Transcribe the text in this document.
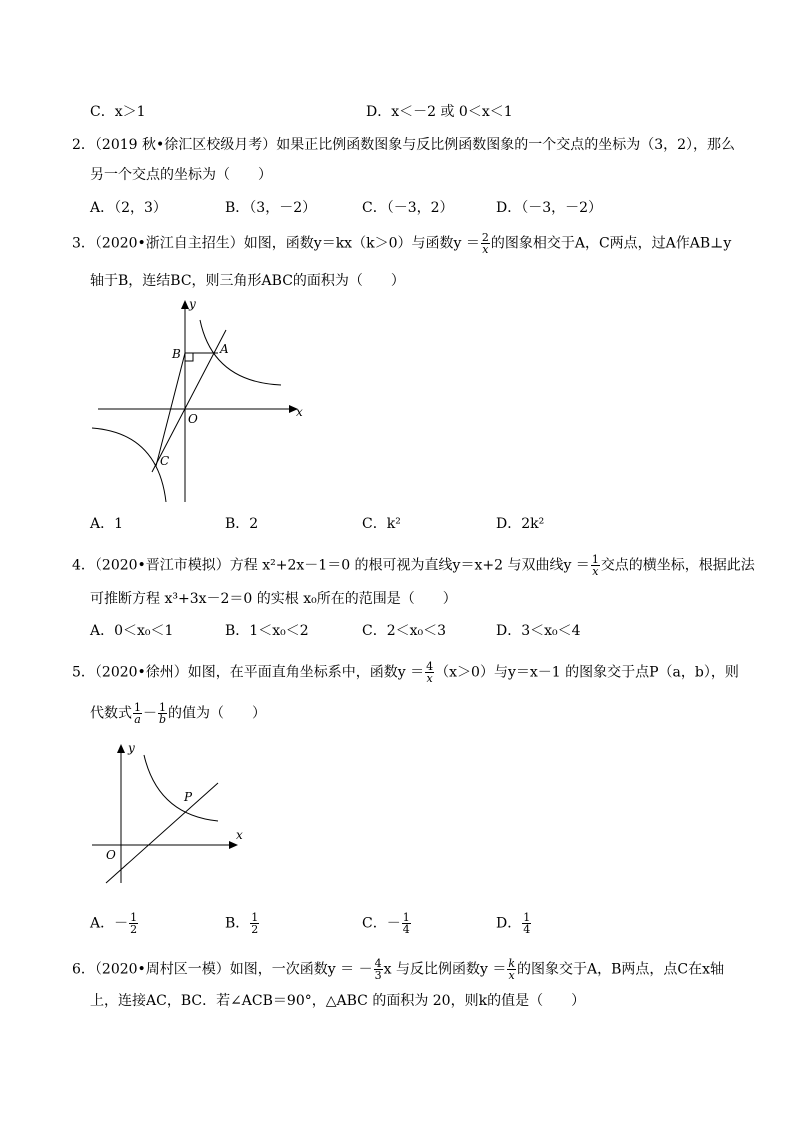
C．x＞1	D．x＜－2 或 0＜x＜1
2．（2019 秋•徐汇区校级月考）如果正比例函数图象与反比例函数图象的一个交点的坐标为（3，2），那么
另一个交点的坐标为（　　）
A．（2，3）	B．（3，－2）	C．（－3，2）	D．（－3，－2）
3．（2020•浙江自主招生）如图，函数y＝kx（k＞0）与函数$y = \frac{2}{x}$ 的图象相交于A，C两点，过A作AB⊥y
轴于B，连结BC，则三角形ABC的面积为（　　）
y
x
O
A
B
C
A．1	B．2	C．k²	D．2k²
4．（2020•晋江市模拟）方程 x²+2x－1＝0 的根可视为直线y＝x+2 与双曲线$y = \frac{1}{x}$ 交点的横坐标，根据此法
可推断方程 x³+3x－2＝0 的实根 x₀所在的范围是（　　）
A．0＜x₀＜1	B．1＜x₀＜2	C．2＜x₀＜3	D．3＜x₀＜4
5．（2020•徐州）如图，在平面直角坐标系中，函数$y = \frac{4}{x} (x>0)$与y＝x－1 的图象交于点P（a，b），则
代数式 $\frac{1}{a} - \frac{1}{b}$ 的值为（　　）
y
x
O
P
A．－ $\frac{1}{2}$	B． $\frac{1}{2}$	C．－ $\frac{1}{4}$	D． $\frac{1}{4}$
6．（2020•周村区一模）如图，一次函数y ＝ － $\frac{4}{3}$ x 与反比例函数$y = \frac{k}{x}$ 的图象交于A，B两点，点C在x轴
上，连接AC，BC．若∠ACB＝90°，△ABC 的面积为 20，则k的值是（　　）
